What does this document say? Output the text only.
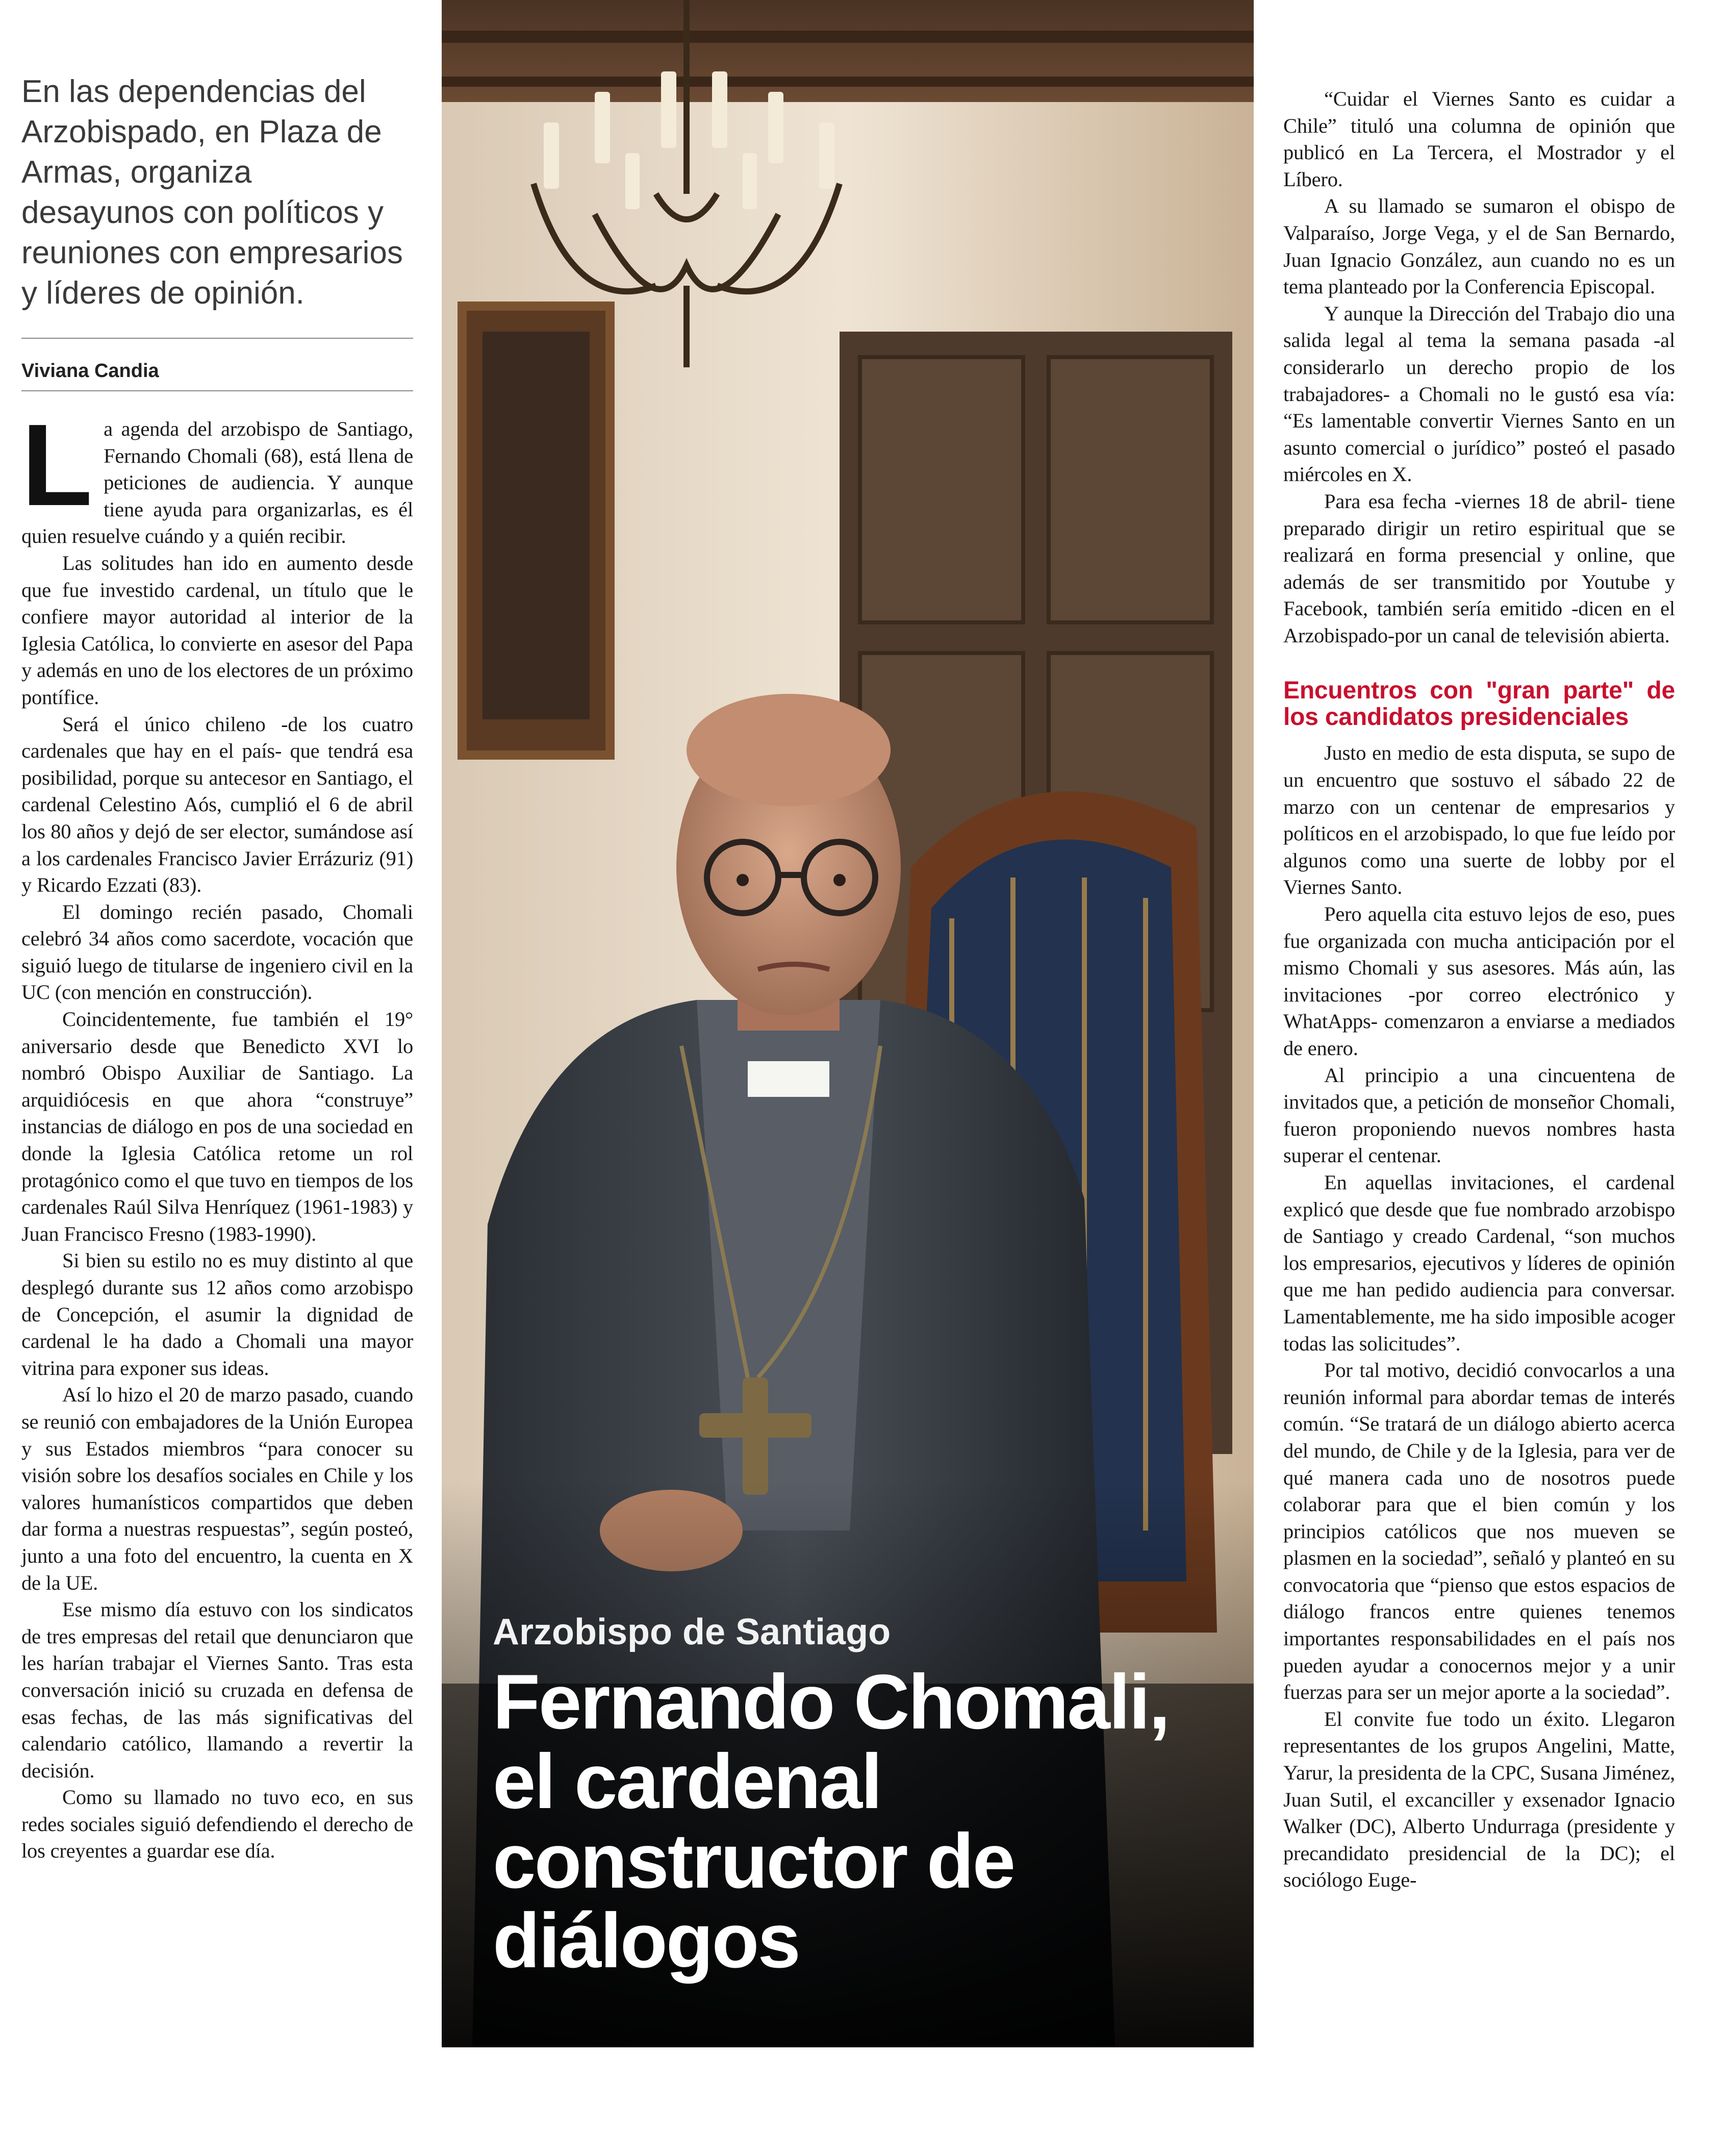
En las dependencias del Arzobispado, en Plaza de Armas, organiza desayunos con políticos y reuniones con empresarios y líderes de opinión.
Viviana Candia

La agenda del arzobispo de Santiago, Fernando Chomali (68), está llena de peticiones de audiencia. Y aunque tiene ayuda para organizarlas, es él quien resuelve cuándo y a quién recibir.

Las solitudes han ido en aumento desde que fue investido cardenal, un título que le confiere mayor autoridad al interior de la Iglesia Católica, lo convierte en asesor del Papa y además en uno de los electores de un próximo pontífice.

Será el único chileno -de los cuatro cardenales que hay en el país- que tendrá esa posibilidad, porque su antecesor en Santiago, el cardenal Celestino Aós, cumplió el 6 de abril los 80 años y dejó de ser elector, sumándose así a los cardenales Francisco Javier Errázuriz (91) y Ricardo Ezzati (83).

El domingo recién pasado, Chomali celebró 34 años como sacerdote, vocación que siguió luego de titularse de ingeniero civil en la UC (con mención en construcción).

Coincidentemente, fue también el 19° aniversario desde que Benedicto XVI lo nombró Obispo Auxiliar de Santiago. La arquidiócesis en que ahora “construye” instancias de diálogo en pos de una sociedad en donde la Iglesia Católica retome un rol protagónico como el que tuvo en tiempos de los cardenales Raúl Silva Henríquez (1961-1983) y Juan Francisco Fresno (1983-1990).

Si bien su estilo no es muy distinto al que desplegó durante sus 12 años como arzobispo de Concepción, el asumir la dignidad de cardenal le ha dado a Chomali una mayor vitrina para exponer sus ideas.

Así lo hizo el 20 de marzo pasado, cuando se reunió con embajadores de la Unión Europea y sus Estados miembros “para conocer su visión sobre los desafíos sociales en Chile y los valores humanísticos compartidos que deben dar forma a nuestras respuestas”, según posteó, junto a una foto del encuentro, la cuenta en X de la UE.

Ese mismo día estuvo con los sindicatos de tres empresas del retail que denunciaron que les harían trabajar el Viernes Santo. Tras esta conversación inició su cruzada en defensa de esas fechas, de las más significativas del calendario católico, llamando a revertir la decisión.

Como su llamado no tuvo eco, en sus redes sociales siguió defendiendo el derecho de los creyentes a guardar ese día.

Arzobispo de Santiago
Fernando Chomali,
el cardenal
constructor de
diálogos

“Cuidar el Viernes Santo es cuidar a Chile” tituló una columna de opinión que publicó en La Tercera, el Mostrador y el Líbero.

A su llamado se sumaron el obispo de Valparaíso, Jorge Vega, y el de San Bernardo, Juan Ignacio González, aun cuando no es un tema planteado por la Conferencia Episcopal.

Y aunque la Dirección del Trabajo dio una salida legal al tema la semana pasada -al considerarlo un derecho propio de los trabajadores- a Chomali no le gustó esa vía: “Es lamentable convertir Viernes Santo en un asunto comercial o jurídico” posteó el pasado miércoles en X.

Para esa fecha -viernes 18 de abril- tiene preparado dirigir un retiro espiritual que se realizará en forma presencial y online, que además de ser transmitido por Youtube y Facebook, también sería emitido -dicen en el Arzobispado-por un canal de televisión abierta.

Encuentros con "gran parte" de los candidatos presidenciales

Justo en medio de esta disputa, se supo de un encuentro que sostuvo el sábado 22 de marzo con un centenar de empresarios y políticos en el arzobispado, lo que fue leído por algunos como una suerte de lobby por el Viernes Santo.

Pero aquella cita estuvo lejos de eso, pues fue organizada con mucha anticipación por el mismo Chomali y sus asesores. Más aún, las invitaciones -por correo electrónico y WhatApps- comenzaron a enviarse a mediados de enero.

Al principio a una cincuentena de invitados que, a petición de monseñor Chomali, fueron proponiendo nuevos nombres hasta superar el centenar.

En aquellas invitaciones, el cardenal explicó que desde que fue nombrado arzobispo de Santiago y creado Cardenal, “son muchos los empresarios, ejecutivos y líderes de opinión que me han pedido audiencia para conversar. Lamentablemente, me ha sido imposible acoger todas las solicitudes”.

Por tal motivo, decidió convocarlos a una reunión informal para abordar temas de interés común. “Se tratará de un diálogo abierto acerca del mundo, de Chile y de la Iglesia, para ver de qué manera cada uno de nosotros puede colaborar para que el bien común y los principios católicos que nos mueven se plasmen en la sociedad”, señaló y planteó en su convocatoria que “pienso que estos espacios de diálogo francos entre quienes tenemos importantes responsabilidades en el país nos pueden ayudar a conocernos mejor y a unir fuerzas para ser un mejor aporte a la sociedad”.

El convite fue todo un éxito. Llegaron representantes de los grupos Angelini, Matte, Yarur, la presidenta de la CPC, Susana Jiménez, Juan Sutil, el excanciller y exsenador Ignacio Walker (DC), Alberto Undurraga (presidente y precandidato presidencial de la DC); el sociólogo Euge-
